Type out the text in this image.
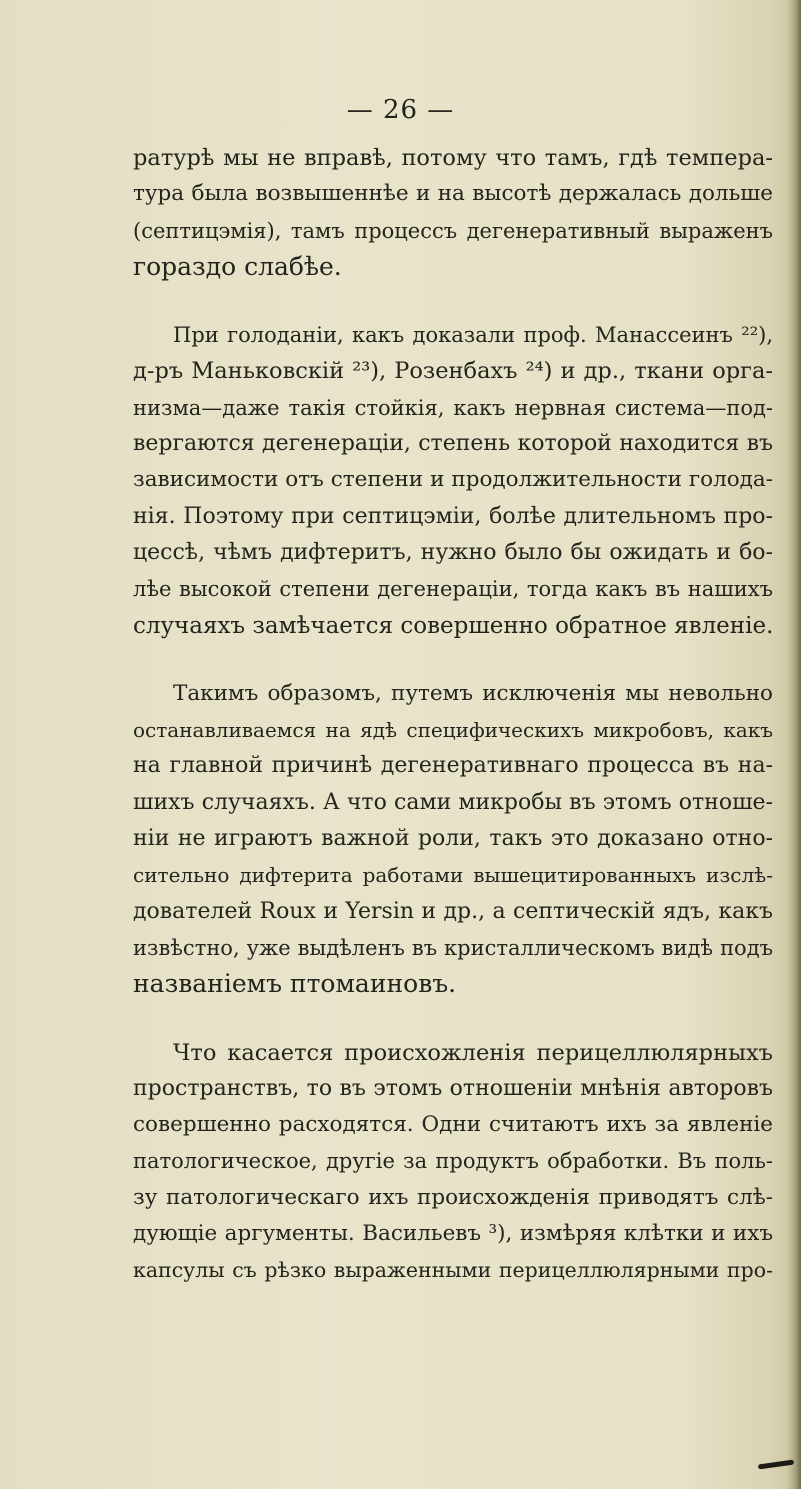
— 26 —

ратурѣ мы не вправѣ, потому что тамъ, гдѣ темпера-
тура была возвышеннѣе и на высотѣ держалась дольше
(септицэмія), тамъ процессъ дегенеративный выраженъ
гораздо слабѣе.

При голоданіи, какъ доказали проф. Манассеинъ ²²),
д-ръ Маньковскій ²³), Розенбахъ ²⁴) и др., ткани орга-
низма—даже такія стойкія, какъ нервная система—под-
вергаются дегенераціи, степень которой находится въ
зависимости отъ степени и продолжительности голода-
нія. Поэтому при септицэміи, болѣе длительномъ про-
цессѣ, чѣмъ дифтеритъ, нужно было бы ожидать и бо-
лѣе высокой степени дегенераціи, тогда какъ въ нашихъ
случаяхъ замѣчается совершенно обратное явленіе.

Такимъ образомъ, путемъ исключенія мы невольно
останавливаемся на ядѣ специфическихъ микробовъ, какъ
на главной причинѣ дегенеративнаго процесса въ на-
шихъ случаяхъ. А что сами микробы въ этомъ отноше-
ніи не играютъ важной роли, такъ это доказано отно-
сительно дифтерита работами вышецитированныхъ изслѣ-
дователей Roux и Yersin и др., а септическій ядъ, какъ
извѣстно, уже выдѣленъ въ кристаллическомъ видѣ подъ
названіемъ птомаиновъ.

Что касается происхожленія перицеллюлярныхъ
пространствъ, то въ этомъ отношеніи мнѣнія авторовъ
совершенно расходятся. Одни считаютъ ихъ за явленіе
патологическое, другіе за продуктъ обработки. Въ поль-
зу патологическаго ихъ происхожденія приводятъ слѣ-
дующіе аргументы. Васильевъ ³), измѣряя клѣтки и ихъ
капсулы съ рѣзко выраженными перицеллюлярными про-
